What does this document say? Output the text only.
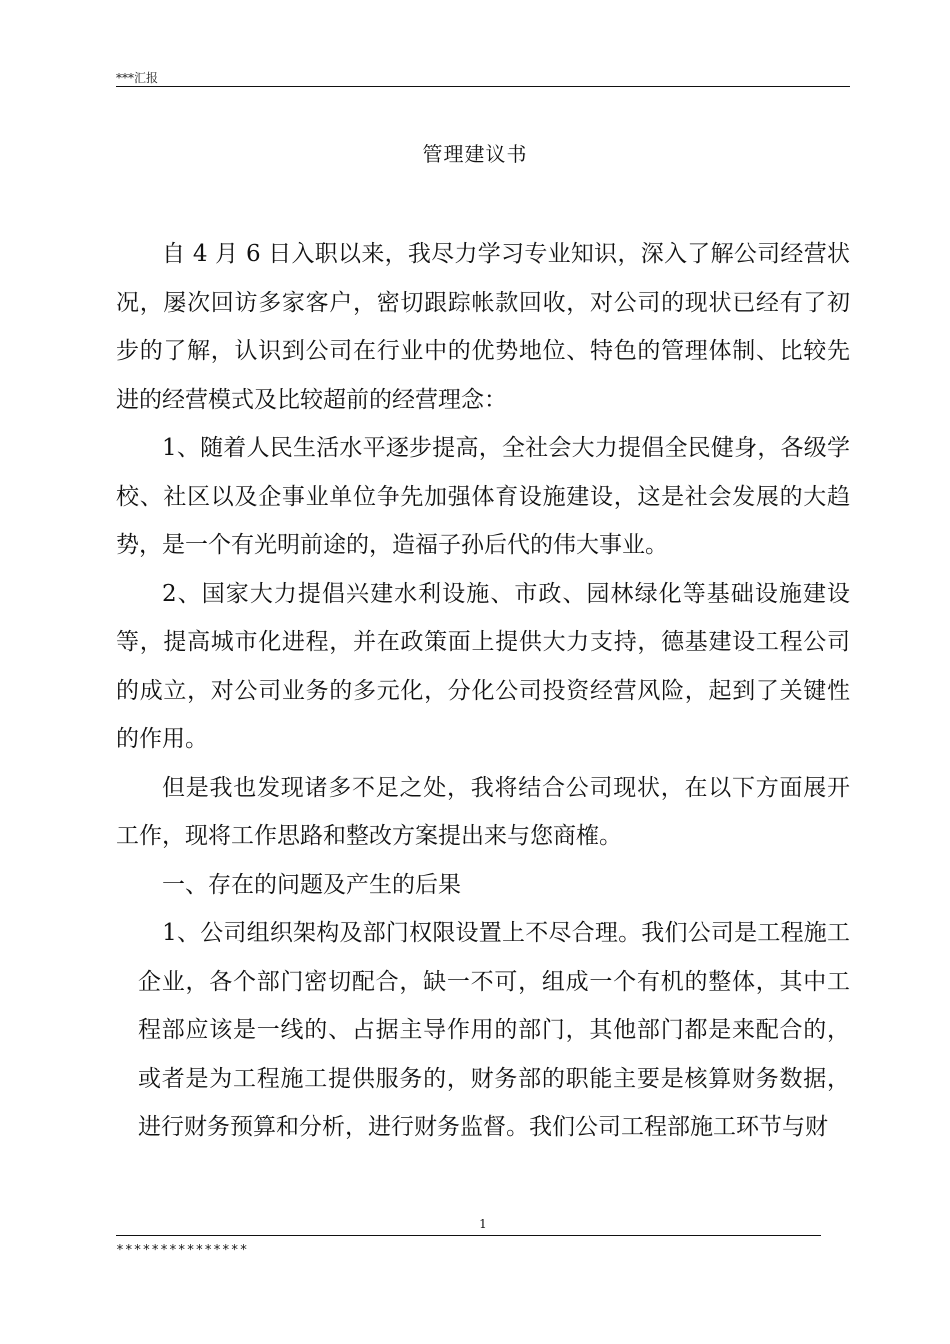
***汇报
管理建议书

自 4 月 6 日入职以来，我尽力学习专业知识，深入了解公司经营状况，屡次回访多家客户，密切跟踪帐款回收，对公司的现状已经有了初步的了解，认识到公司在行业中的优势地位、特色的管理体制、比较先进的经营模式及比较超前的经营理念：

1、随着人民生活水平逐步提高，全社会大力提倡全民健身，各级学校、社区以及企事业单位争先加强体育设施建设，这是社会发展的大趋势，是一个有光明前途的，造福子孙后代的伟大事业。

2、国家大力提倡兴建水利设施、市政、园林绿化等基础设施建设等，提高城市化进程，并在政策面上提供大力支持，德基建设工程公司的成立，对公司业务的多元化，分化公司投资经营风险，起到了关键性的作用。

但是我也发现诸多不足之处，我将结合公司现状，在以下方面展开工作，现将工作思路和整改方案提出来与您商榷。

一、存在的问题及产生的后果

1、公司组织架构及部门权限设置上不尽合理。我们公司是工程施工企业，各个部门密切配合，缺一不可，组成一个有机的整体，其中工程部应该是一线的、占据主导作用的部门，其他部门都是来配合的，或者是为工程施工提供服务的，财务部的职能主要是核算财务数据，进行财务预算和分析，进行财务监督。我们公司工程部施工环节与财

1
***************
